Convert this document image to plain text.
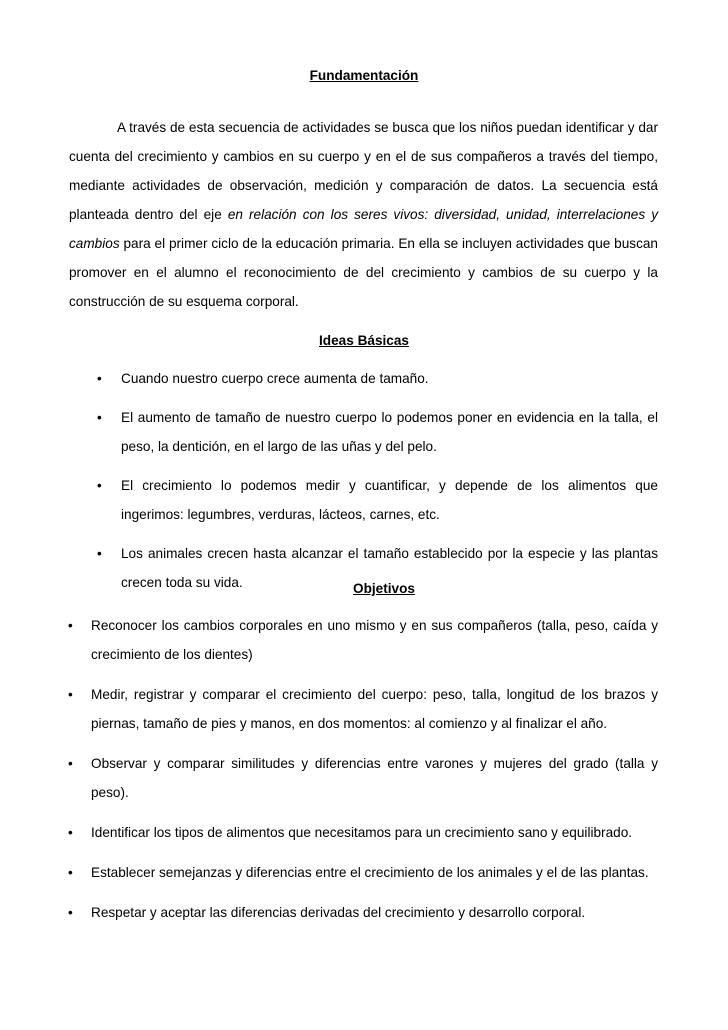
Fundamentación

A través de esta secuencia de actividades se busca que los niños puedan identificar y dar cuenta del crecimiento y cambios en su cuerpo y en el de sus compañeros a través del tiempo, mediante actividades de observación, medición y comparación de datos. La secuencia está planteada dentro del eje en relación con los seres vivos: diversidad, unidad, interrelaciones y cambios para el primer ciclo de la educación primaria. En ella se incluyen actividades que buscan promover en el alumno el reconocimiento de del crecimiento y cambios de su cuerpo y la construcción de su esquema corporal.

Ideas Básicas
• Cuando nuestro cuerpo crece aumenta de tamaño.
• El aumento de tamaño de nuestro cuerpo lo podemos poner en evidencia en la talla, el peso, la dentición, en el largo de las uñas y del pelo.
• El crecimiento lo podemos medir y cuantificar, y depende de los alimentos que ingerimos: legumbres, verduras, lácteos, carnes, etc.
• Los animales crecen hasta alcanzar el tamaño establecido por la especie y las plantas crecen toda su vida.	Objetivos
• Reconocer los cambios corporales en uno mismo y en sus compañeros (talla, peso, caída y crecimiento de los dientes)
• Medir, registrar y comparar el crecimiento del cuerpo: peso, talla, longitud de los brazos y piernas, tamaño de pies y manos, en dos momentos: al comienzo y al finalizar el año.
• Observar y comparar similitudes y diferencias entre varones y mujeres del grado (talla y peso).
• Identificar los tipos de alimentos que necesitamos para un crecimiento sano y equilibrado.
• Establecer semejanzas y diferencias entre el crecimiento de los animales y el de las plantas.
• Respetar y aceptar las diferencias derivadas del crecimiento y desarrollo corporal.
